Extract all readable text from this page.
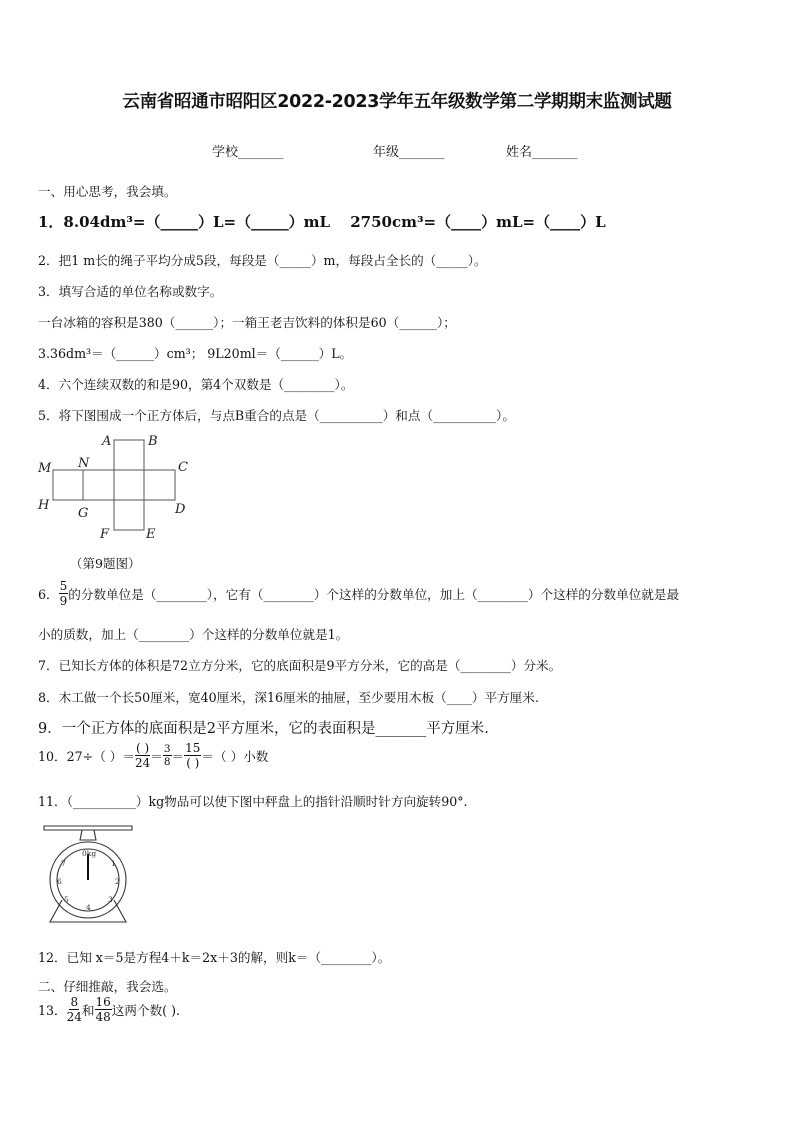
云南省昭通市昭阳区2022-2023学年五年级数学第二学期期末监测试题
学校_______	年级_______	姓名_______
一、用心思考，我会填。
1．8.04dm³=（_____）L=（_____）mL　 2750cm³=（____）mL=（____）L
2．把1 m长的绳子平均分成5段，每段是（_____）m，每段占全长的（_____）。
3．填写合适的单位名称或数字。
一台冰箱的容积是380（______）；一箱王老吉饮料的体积是60（______）；
3.36dm³＝（______）cm³； 9L20ml＝（______）L。
4．六个连续双数的和是90，第4个双数是（________）。
5．将下图围成一个正方体后，与点B重合的点是（__________）和点（__________）。
A	B
C
D
E
F
G
H
M N
（第9题图）
6． $\frac{5}{9}$ 的分数单位是（________），它有（________）个这样的分数单位，加上（________）个这样的分数单位就是最
小的质数，加上（________）个这样的分数单位就是1。
7．已知长方体的体积是72立方分米，它的底面积是9平方分米，它的高是（________）分米。
8．木工做一个长50厘米，宽40厘米，深16厘米的抽屉，至少要用木板（____）平方厘米.
9．一个正方体的底面积是2平方厘米，它的表面积是_______平方厘米.
10．27÷（ ）＝ $\frac{( )}{24} = \frac{3}{8} = \frac{15}{( )}$ ＝（ ）小数
11．（__________）kg物品可以使下图中秤盘上的指针沿顺时针方向旋转90°.
0kg
1
2
3
4
5
6
7
12．已知 x＝5是方程4＋k＝2x＋3的解，则k＝（________）。
二、仔细推敲，我会选。
13． $\frac{8}{24}$ 和 $\frac{16}{48}$ 这两个数( ).
